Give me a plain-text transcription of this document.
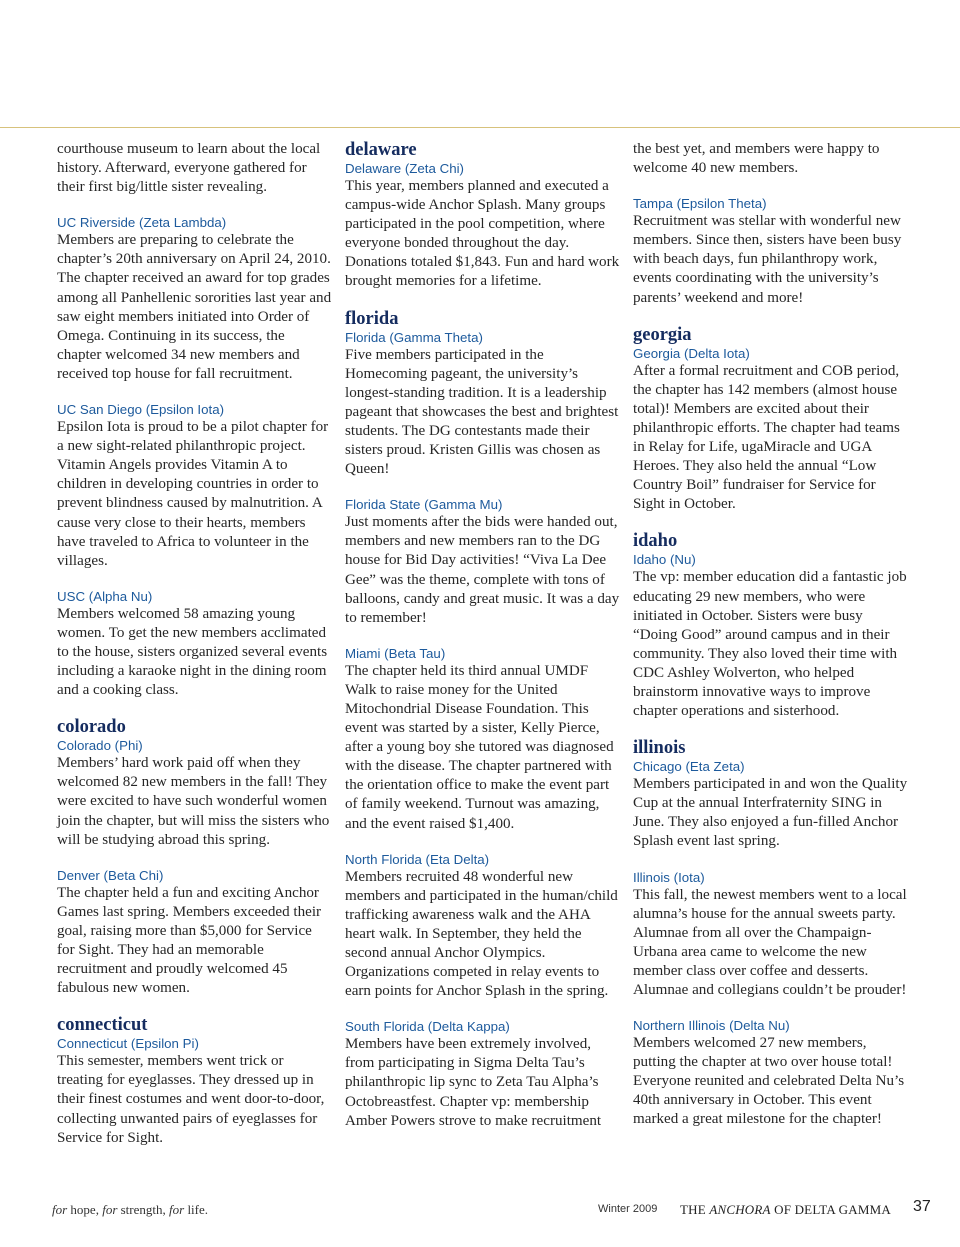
courthouse museum to learn about the local history. Afterward, everyone gathered for their first big/little sister revealing.

UC Riverside (Zeta Lambda)

Members are preparing to celebrate the chapter’s 20th anniversary on April 24, 2010. The chapter received an award for top grades among all Panhellenic sororities last year and saw eight members initiated into Order of Omega. Continuing in its success, the chapter welcomed 34 new members and received top house for fall recruitment.

UC San Diego (Epsilon Iota)

Epsilon Iota is proud to be a pilot chapter for a new sight-related philanthropic project. Vitamin Angels provides Vitamin A to children in developing countries in order to prevent blindness caused by malnutrition. A cause very close to their hearts, members have traveled to Africa to volunteer in the villages.

USC (Alpha Nu)

Members welcomed 58 amazing young women. To get the new members acclimated to the house, sisters organized several events including a karaoke night in the dining room and a cooking class.

colorado
Colorado (Phi)

Members’ hard work paid off when they welcomed 82 new members in the fall! They were excited to have such wonderful women join the chapter, but will miss the sisters who will be studying abroad this spring.

Denver (Beta Chi)

The chapter held a fun and exciting Anchor Games last spring. Members exceeded their goal, raising more than $5,000 for Service for Sight. They had an memorable recruitment and proudly welcomed 45 fabulous new women.

connecticut
Connecticut (Epsilon Pi)

This semester, members went trick or treating for eyeglasses. They dressed up in their finest costumes and went door-to-door, collecting unwanted pairs of eyeglasses for Service for Sight.

delaware
Delaware (Zeta Chi)

This year, members planned and executed a campus-wide Anchor Splash. Many groups participated in the pool competition, where everyone bonded throughout the day. Donations totaled $1,843. Fun and hard work brought memories for a lifetime.

florida
Florida (Gamma Theta)

Five members participated in the Homecoming pageant, the university’s longest-standing tradition. It is a leadership pageant that showcases the best and brightest students. The DG contestants made their sisters proud. Kristen Gillis was chosen as Queen!

Florida State (Gamma Mu)

Just moments after the bids were handed out, members and new members ran to the DG house for Bid Day activities! “Viva La Dee Gee” was the theme, complete with tons of balloons, candy and great music. It was a day to remember!

Miami (Beta Tau)

The chapter held its third annual UMDF Walk to raise money for the United Mitochondrial Disease Foundation. This event was started by a sister, Kelly Pierce, after a young boy she tutored was diagnosed with the disease. The chapter partnered with the orientation office to make the event part of family weekend. Turnout was amazing, and the event raised $1,400.

North Florida (Eta Delta)

Members recruited 48 wonderful new members and participated in the human/child trafficking awareness walk and the AHA heart walk. In September, they held the second annual Anchor Olympics. Organizations competed in relay events to earn points for Anchor Splash in the spring.

South Florida (Delta Kappa)

Members have been extremely involved, from participating in Sigma Delta Tau’s philanthropic lip sync to Zeta Tau Alpha’s Octobreastfest. Chapter vp: membership Amber Powers strove to make recruitment

the best yet, and members were happy to welcome 40 new members.

Tampa (Epsilon Theta)

Recruitment was stellar with wonderful new members. Since then, sisters have been busy with beach days, fun philanthropy work, events coordinating with the university’s parents’ weekend and more!

georgia
Georgia (Delta Iota)

After a formal recruitment and COB period, the chapter has 142 members (almost house total)! Members are excited about their philanthropic efforts. The chapter had teams in Relay for Life, ugaMiracle and UGA Heroes. They also held the annual “Low Country Boil” fundraiser for Service for Sight in October.

idaho
Idaho (Nu)

The vp: member education did a fantastic job educating 29 new members, who were initiated in October. Sisters were busy “Doing Good” around campus and in their community. They also loved their time with CDC Ashley Wolverton, who helped brainstorm innovative ways to improve chapter operations and sisterhood.

illinois
Chicago (Eta Zeta)

Members participated in and won the Quality Cup at the annual Interfraternity SING in June. They also enjoyed a fun-filled Anchor Splash event last spring.

Illinois (Iota)

This fall, the newest members went to a local alumna’s house for the annual sweets party. Alumnae from all over the Champaign-Urbana area came to welcome the new member class over coffee and desserts. Alumnae and collegians couldn’t be prouder!

Northern Illinois (Delta Nu)

Members welcomed 27 new members, putting the chapter at two over house total! Everyone reunited and celebrated Delta Nu’s 40th anniversary in October. This event marked a great milestone for the chapter!

for hope, for strength, for life.	Winter 2009 THE ANCHORA OF DELTA GAMMA 37
